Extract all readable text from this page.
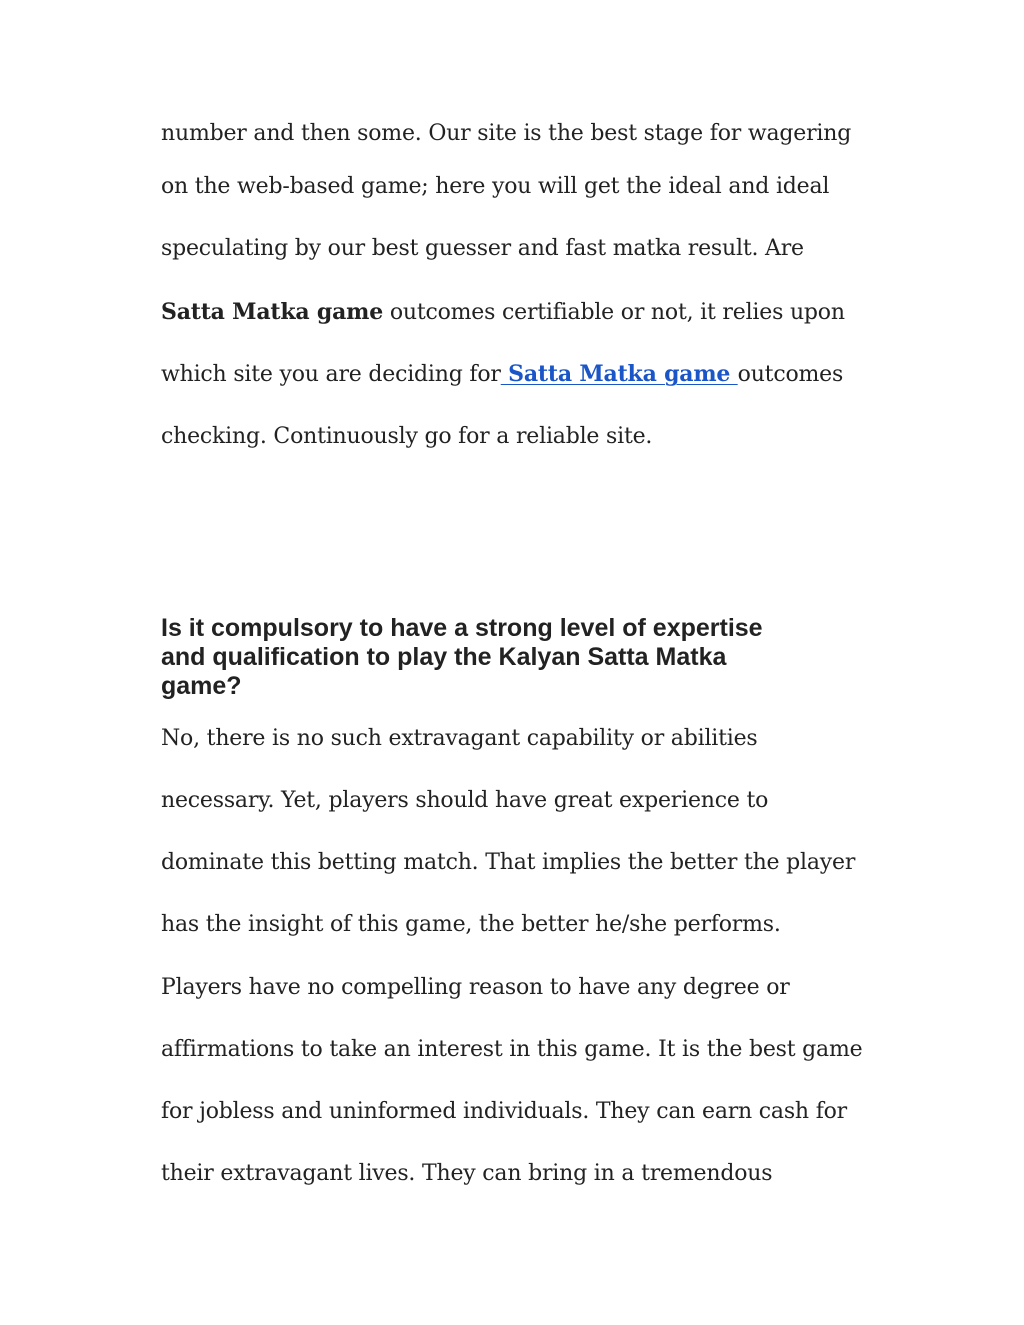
number and then some. Our site is the best stage for wagering
on the web-based game; here you will get the ideal and ideal
speculating by our best guesser and fast matka result. Are
Satta Matka game outcomes certifiable or not, it relies upon
which site you are deciding for Satta Matka game outcomes
checking. Continuously go for a reliable site.
Is it compulsory to have a strong level of expertise
and qualification to play the Kalyan Satta Matka
game?
No, there is no such extravagant capability or abilities
necessary. Yet, players should have great experience to
dominate this betting match. That implies the better the player
has the insight of this game, the better he/she performs.
Players have no compelling reason to have any degree or
affirmations to take an interest in this game. It is the best game
for jobless and uninformed individuals. They can earn cash for
their extravagant lives. They can bring in a tremendous
